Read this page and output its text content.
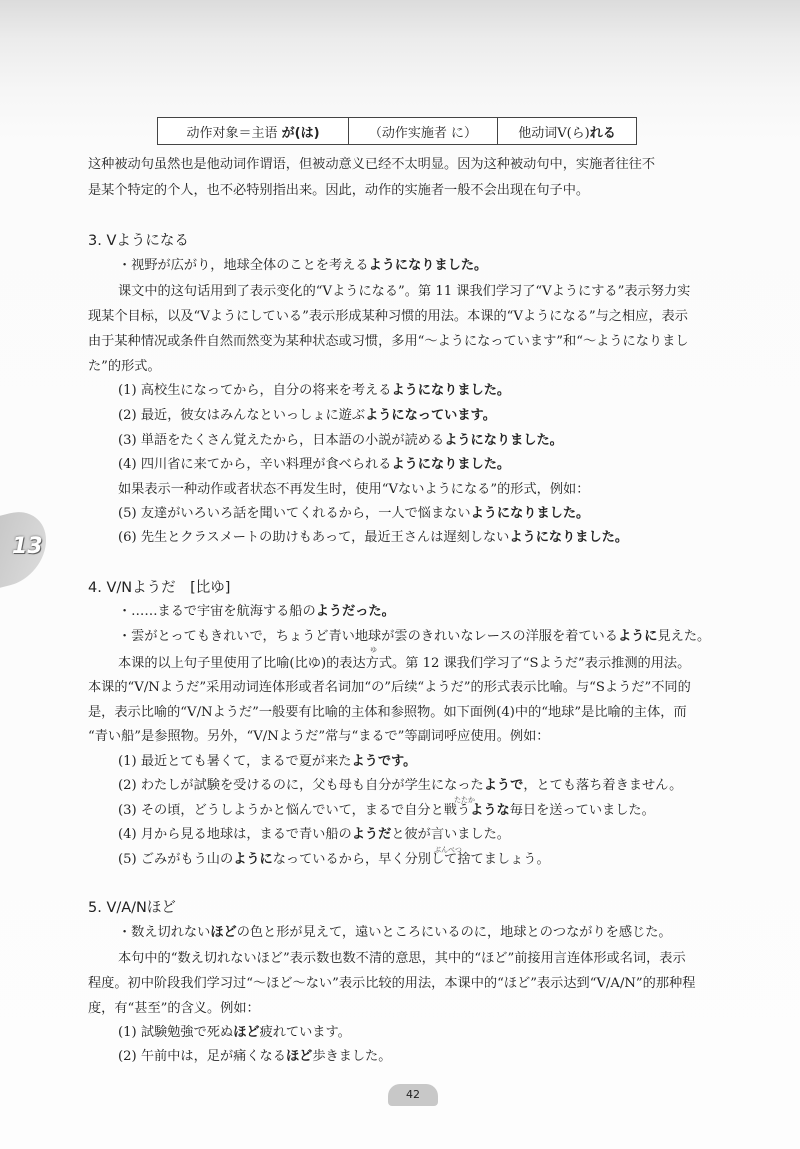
动作对象＝主语 が(は)	（动作实施者 に）	他动词V(ら)れる
这种被动句虽然也是他动词作谓语，但被动意义已经不太明显。因为这种被动句中，实施者往往不
是某个特定的个人，也不必特别指出来。因此，动作的实施者一般不会出现在句子中。
3. Vようになる
・视野が広がり，地球全体のことを考えるようになりました。
课文中的这句话用到了表示变化的“Vようになる”。第 11 课我们学习了“Vようにする”表示努力实
现某个目标，以及“Vようにしている”表示形成某种习惯的用法。本课的“Vようになる”与之相应，表示
由于某种情况或条件自然而然变为某种状态或习惯，多用“～ようになっています”和“～ようになりまし
た”的形式。
(1) 高校生になってから，自分の将来を考えるようになりました。
(2) 最近，彼女はみんなといっしょに遊ぶようになっています。
(3) 単語をたくさん覚えたから，日本語の小説が読めるようになりました。
(4) 四川省に来てから，辛い料理が食べられるようになりました。
如果表示一种动作或者状态不再发生时，使用“Vないようになる”的形式，例如：
(5) 友達がいろいろ話を聞いてくれるから，一人で悩まないようになりました。
(6) 先生とクラスメートの助けもあって，最近王さんは遅刻しないようになりました。
4. V/Nようだ　[比ゆ]
・……まるで宇宙を航海する船のようだった。
・雲がとってもきれいで，ちょうど青い地球が雲のきれいなレースの洋服を着ているように見えた。
ゆ
本课的以上句子里使用了比喻(比ゆ)的表达方式。第 12 课我们学习了“Sようだ”表示推测的用法。
本课的“V/Nようだ”采用动词连体形或者名词加“の”后续“ようだ”的形式表示比喻。与“Sようだ”不同的
是，表示比喻的“V/Nようだ”一般要有比喻的主体和参照物。如下面例(4)中的“地球”是比喻的主体，而
“青い船”是参照物。另外，“V/Nようだ”常与“まるで”等副词呼应使用。例如：
(1) 最近とても暑くて，まるで夏が来たようです。
(2) わたしが試験を受けるのに，父も母も自分が学生になったようで，とても落ち着きません。
たたか
(3) その頃，どうしようかと悩んでいて，まるで自分と戦うような毎日を送っていました。
(4) 月から見る地球は，まるで青い船のようだと彼が言いました。
ぶんべつ
(5) ごみがもう山のようになっているから，早く分別して捨てましょう。
5. V/A/Nほど
・数え切れないほどの色と形が見えて，遠いところにいるのに，地球とのつながりを感じた。
本句中的“数え切れないほど”表示数也数不清的意思，其中的“ほど”前接用言连体形或名词，表示
程度。初中阶段我们学习过“～ほど～ない”表示比较的用法，本课中的“ほど”表示达到“V/A/N”的那种程
度，有“甚至”的含义。例如：
(1) 試験勉強で死ぬほど疲れています。
(2) 午前中は，足が痛くなるほど歩きました。
13
42
